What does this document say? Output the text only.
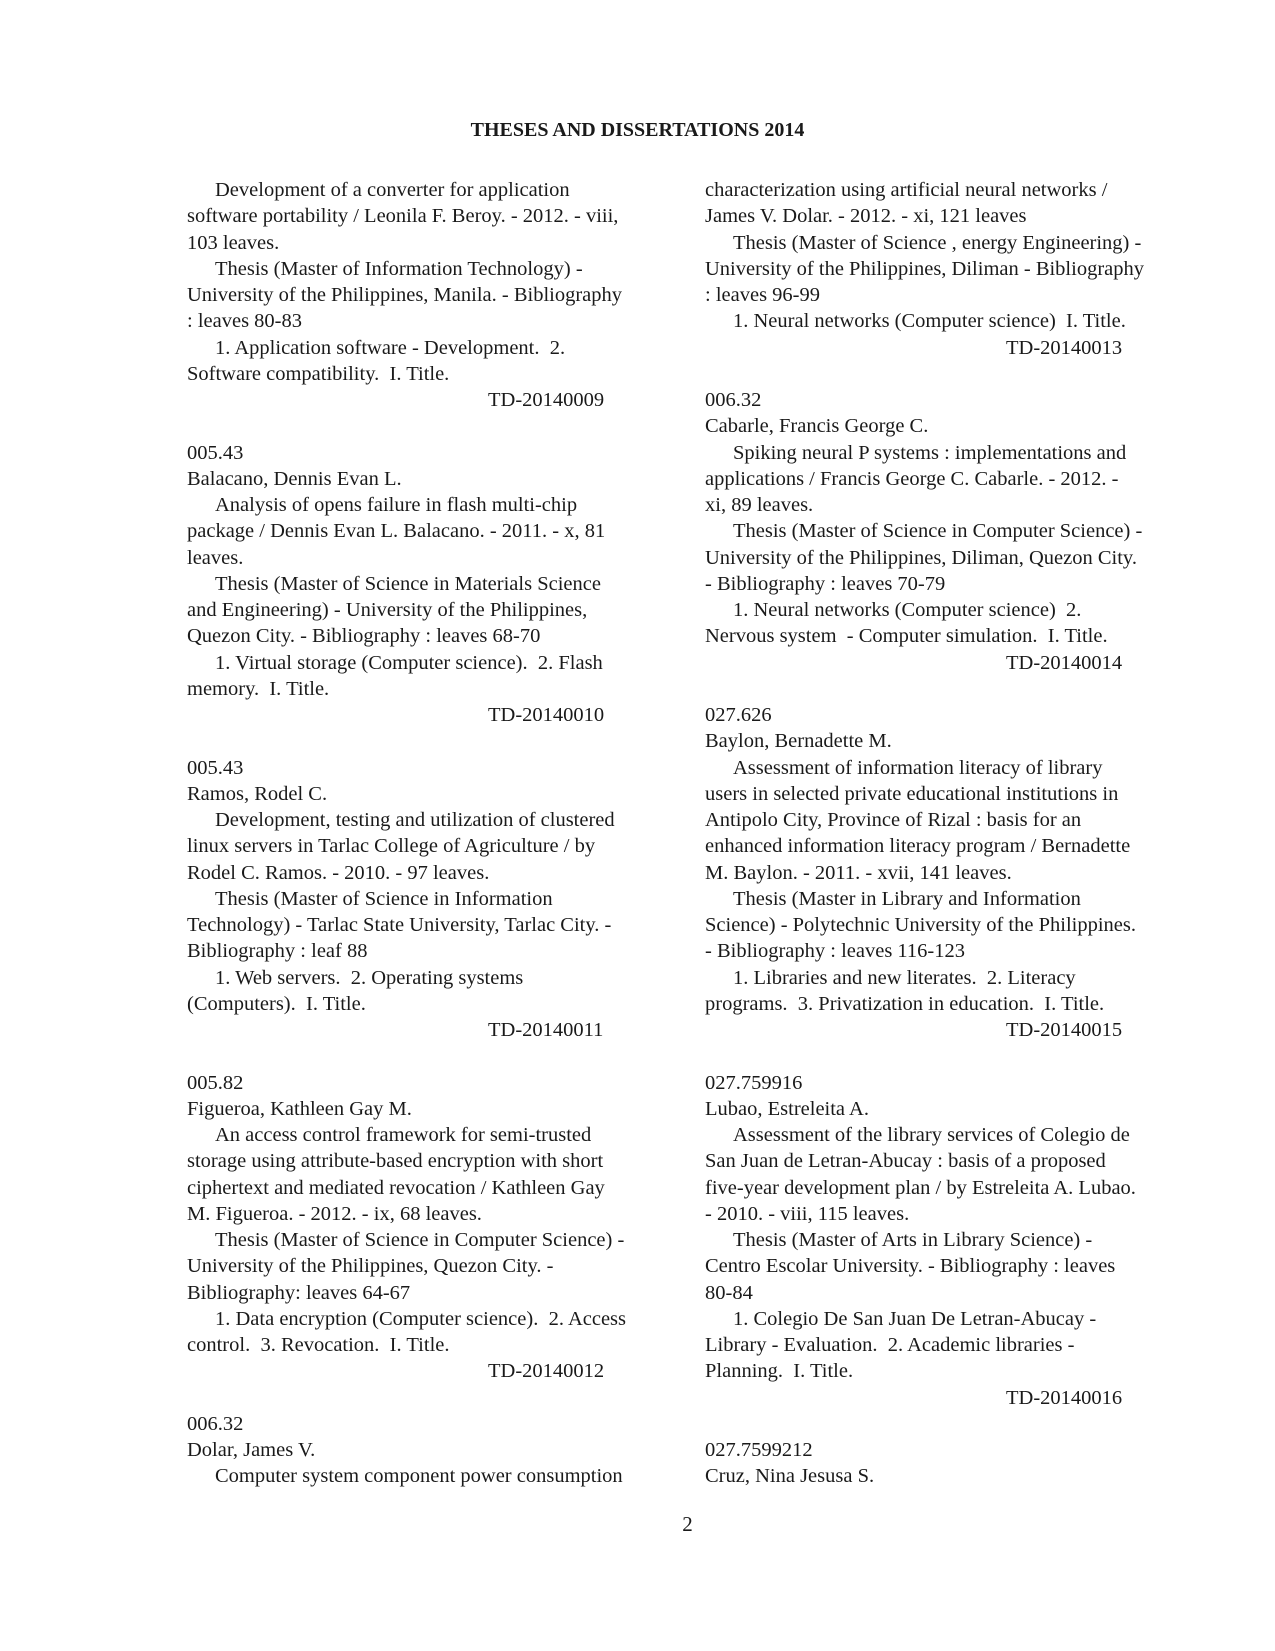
THESES AND DISSERTATIONS 2014
Development of a converter for application
software portability / Leonila F. Beroy. - 2012. - viii,
103 leaves.
Thesis (Master of Information Technology) -
University of the Philippines, Manila. - Bibliography
: leaves 80-83
1. Application software - Development.  2.
Software compatibility.  I. Title.
TD-20140009
005.43
Balacano, Dennis Evan L.
Analysis of opens failure in flash multi-chip
package / Dennis Evan L. Balacano. - 2011. - x, 81
leaves.
Thesis (Master of Science in Materials Science
and Engineering) - University of the Philippines,
Quezon City. - Bibliography : leaves 68-70
1. Virtual storage (Computer science).  2. Flash
memory.  I. Title.
TD-20140010
005.43
Ramos, Rodel C.
Development, testing and utilization of clustered
linux servers in Tarlac College of Agriculture / by
Rodel C. Ramos. - 2010. - 97 leaves.
Thesis (Master of Science in Information
Technology) - Tarlac State University, Tarlac City. -
Bibliography : leaf 88
1. Web servers.  2. Operating systems
(Computers).  I. Title.
TD-20140011
005.82
Figueroa, Kathleen Gay M.
An access control framework for semi-trusted
storage using attribute-based encryption with short
ciphertext and mediated revocation / Kathleen Gay
M. Figueroa. - 2012. - ix, 68 leaves.
Thesis (Master of Science in Computer Science) -
University of the Philippines, Quezon City. -
Bibliography: leaves 64-67
1. Data encryption (Computer science).  2. Access
control.  3. Revocation.  I. Title.
TD-20140012
006.32
Dolar, James V.
Computer system component power consumption
characterization using artificial neural networks /
James V. Dolar. - 2012. - xi, 121 leaves
Thesis (Master of Science , energy Engineering) -
University of the Philippines, Diliman - Bibliography
: leaves 96-99
1. Neural networks (Computer science)  I. Title.
TD-20140013
006.32
Cabarle, Francis George C.
Spiking neural P systems : implementations and
applications / Francis George C. Cabarle. - 2012. -
xi, 89 leaves.
Thesis (Master of Science in Computer Science) -
University of the Philippines, Diliman, Quezon City.
- Bibliography : leaves 70-79
1. Neural networks (Computer science)  2.
Nervous system  - Computer simulation.  I. Title.
TD-20140014
027.626
Baylon, Bernadette M.
Assessment of information literacy of library
users in selected private educational institutions in
Antipolo City, Province of Rizal : basis for an
enhanced information literacy program / Bernadette
M. Baylon. - 2011. - xvii, 141 leaves.
Thesis (Master in Library and Information
Science) - Polytechnic University of the Philippines.
- Bibliography : leaves 116-123
1. Libraries and new literates.  2. Literacy
programs.  3. Privatization in education.  I. Title.
TD-20140015
027.759916
Lubao, Estreleita A.
Assessment of the library services of Colegio de
San Juan de Letran-Abucay : basis of a proposed
five-year development plan / by Estreleita A. Lubao.
- 2010. - viii, 115 leaves.
Thesis (Master of Arts in Library Science) -
Centro Escolar University. - Bibliography : leaves
80-84
1. Colegio De San Juan De Letran-Abucay -
Library - Evaluation.  2. Academic libraries -
Planning.  I. Title.
TD-20140016
027.7599212
Cruz, Nina Jesusa S.
2
